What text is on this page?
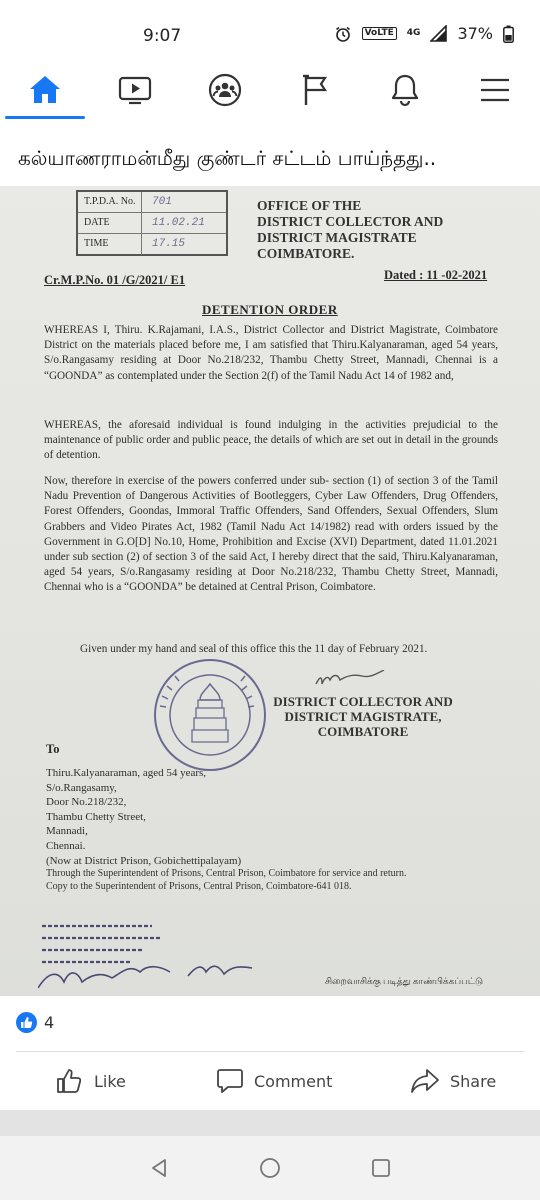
9:07	VoLTE	4G 37%
கல்யாணராமன்மீது குண்டர் சட்டம் பாய்ந்தது..
T.P.D.A. No.	701
DATE	11.02.21
TIME	17.15
OFFICE OF THE
DISTRICT COLLECTOR AND
DISTRICT MAGISTRATE
COIMBATORE.
Cr.M.P.No. 01 /G/2021/ E1	Dated : 11 -02-2021
DETENTION ORDER

WHEREAS I, Thiru. K.Rajamani, I.A.S., District Collector and District Magistrate, Coimbatore District on the materials placed before me, I am satisfied that Thiru.Kalyanaraman, aged 54 years, S/o.Rangasamy residing at Door No.218/232, Thambu Chetty Street, Mannadi, Chennai is a “GOONDA” as contemplated under the Section 2(f) of the Tamil Nadu Act 14 of 1982 and,

WHEREAS, the aforesaid individual is found indulging in the activities prejudicial to the maintenance of public order and public peace, the details of which are set out in detail in the grounds of detention.

Now, therefore in exercise of the powers conferred under sub- section (1) of section 3 of the Tamil Nadu Prevention of Dangerous Activities of Bootleggers, Cyber Law Offenders, Drug Offenders, Forest Offenders, Goondas, Immoral Traffic Offenders, Sand Offenders, Sexual Offenders, Slum Grabbers and Video Pirates Act, 1982 (Tamil Nadu Act 14/1982) read with orders issued by the Government in G.O[D] No.10, Home, Prohibition and Excise (XVI) Department, dated 11.01.2021 under sub section (2) of section 3 of the said Act, I hereby direct that the said, Thiru.Kalyanaraman, aged 54 years, S/o.Rangasamy residing at Door No.218/232, Thambu Chetty Street, Mannadi, Chennai who is a “GOONDA” be detained at Central Prison, Coimbatore.

Given under my hand and seal of this office this the 11 day of February 2021.

DISTRICT COLLECTOR AND
DISTRICT MAGISTRATE,
COIMBATORE
To
Thiru.Kalyanaraman, aged 54 years,
S/o.Rangasamy,
Door No.218/232,
Thambu Chetty Street,
Mannadi,
Chennai.
(Now at District Prison, Gobichettipalayam)
Through the Superintendent of Prisons, Central Prison, Coimbatore for service and return.
Copy to the Superintendent of Prisons, Central Prison, Coimbatore-641 018.
சிறைவாசிக்கு படித்து காண்பிக்கப்பட்டு
4
Like	Comment	Share
